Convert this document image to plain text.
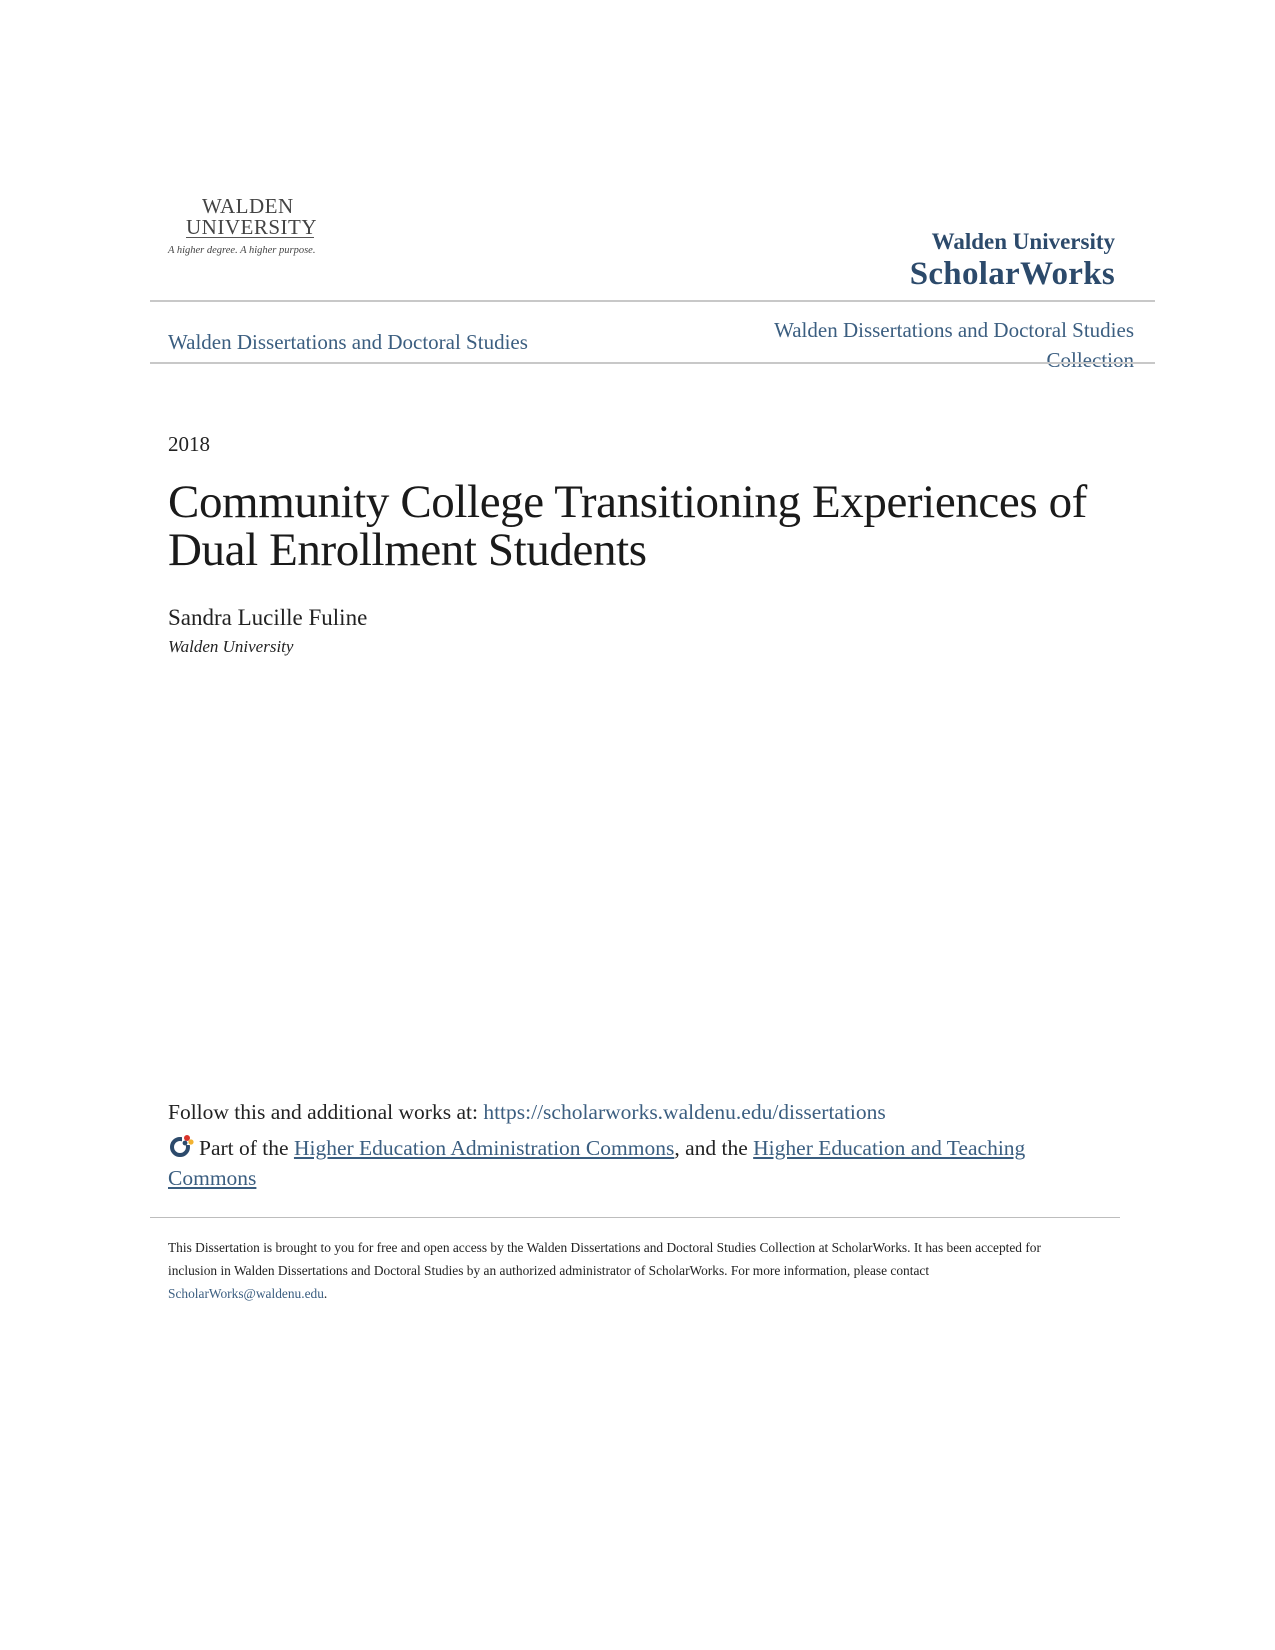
WALDEN
UNIVERSITY
A higher degree. A higher purpose.	Walden University
ScholarWorks
Walden Dissertations and Doctoral Studies	Walden Dissertations and Doctoral Studies
Collection
2018
Community College Transitioning Experiences of
Dual Enrollment Students
Sandra Lucille Fuline
Walden University
Follow this and additional works at: https://scholarworks.waldenu.edu/dissertations
Part of the Higher Education Administration Commons, and the Higher Education and Teaching Commons
This Dissertation is brought to you for free and open access by the Walden Dissertations and Doctoral Studies Collection at ScholarWorks. It has been accepted for inclusion in Walden Dissertations and Doctoral Studies by an authorized administrator of ScholarWorks. For more information, please contact ScholarWorks@waldenu.edu.
